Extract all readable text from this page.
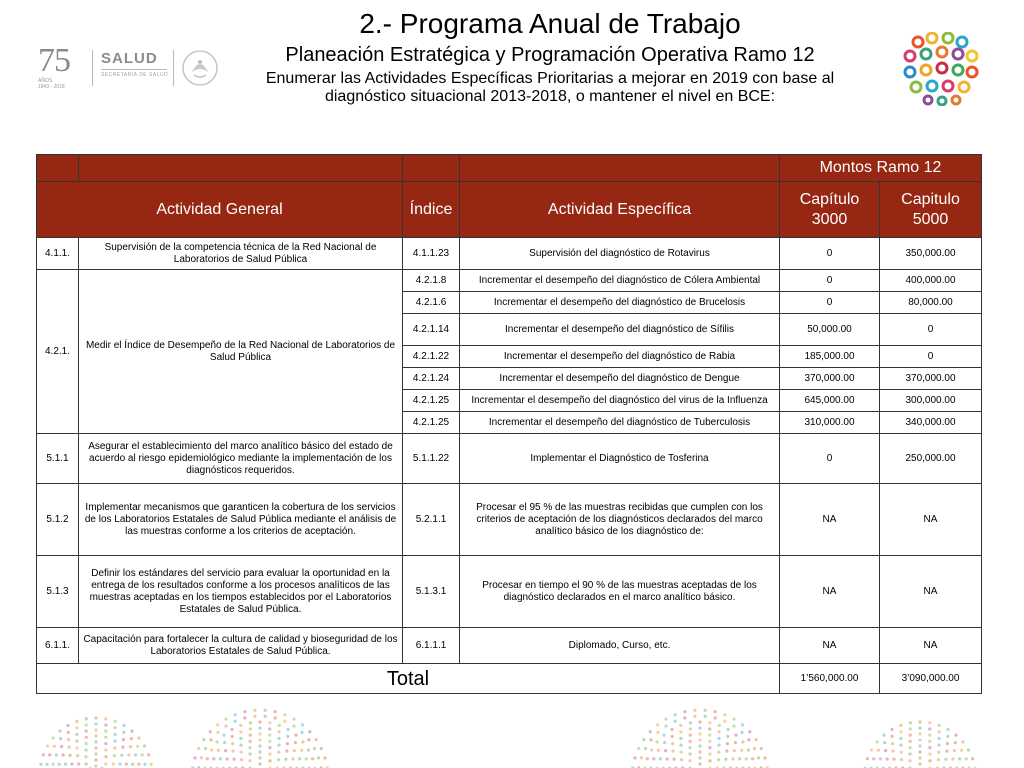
75
AÑOS
1943 - 2018
SALUD
SECRETARÍA DE SALUD
2.- Programa Anual de Trabajo
Planeación Estratégica y Programación Operativa Ramo 12

Enumerar las Actividades Específicas Prioritarias a mejorar en 2019 con base al diagnóstico situacional 2013-2018, o mantener el nivel en BCE:

				Montos Ramo 12	
Actividad General		Índice	Actividad Específica	Capítulo 3000	Capitulo 5000
4.1.1.	Supervisión de la competencia técnica de la Red Nacional de Laboratorios de Salud Pública	4.1.1.23	Supervisión del diagnóstico de Rotavirus	0	350,000.00
4.2.1.	Medir el Índice de Desempeño de la Red Nacional de Laboratorios de Salud Pública	4.2.1.8	Incrementar el desempeño del diagnóstico de Cólera Ambiental	0	400,000.00
		4.2.1.6	Incrementar el desempeño del diagnóstico de Brucelosis	0	80,000.00
		4.2.1.14	Incrementar el desempeño del diagnóstico de Sífilis	50,000.00	0
		4.2.1.22	Incrementar el desempeño del diagnóstico de Rabia	185,000.00	0
		4.2.1.24	Incrementar el desempeño del diagnóstico de Dengue	370,000.00	370,000.00
		4.2.1.25	Incrementar el desempeño del diagnóstico del virus de la Influenza	645,000.00	300,000.00
		4.2.1.25	Incrementar el desempeño del diagnóstico de Tuberculosis	310,000.00	340,000.00
5.1.1	Asegurar el establecimiento del marco analítico básico del estado de acuerdo al riesgo epidemiológico mediante la implementación de los diagnósticos requeridos.	5.1.1.22	Implementar el Diagnóstico de Tosferina	0	250,000.00
5.1.2	Implementar mecanismos que garanticen la cobertura de los servicios de los Laboratorios Estatales de Salud Pública mediante el análisis de las muestras conforme a los criterios de aceptación.	5.2.1.1	Procesar el 95 % de las muestras recibidas que cumplen con los criterios de aceptación de los diagnósticos declarados del marco analítico básico de los diagnóstico de:	NA	NA
5.1.3	Definir los estándares del servicio para evaluar la oportunidad en la entrega de los resultados conforme a los procesos analíticos de las muestras aceptadas en los tiempos establecidos por el Laboratorios Estatales de Salud Pública.	5.1.3.1	Procesar en tiempo el 90 % de las muestras aceptadas de los diagnóstico declarados en el marco analítico básico.	NA	NA
6.1.1.	Capacitación para fortalecer la cultura de calidad y bioseguridad de los Laboratorios Estatales de Salud Pública.	6.1.1.1	Diplomado, Curso, etc.	NA	NA
Total				1’560,000.00	3’090,000.00
